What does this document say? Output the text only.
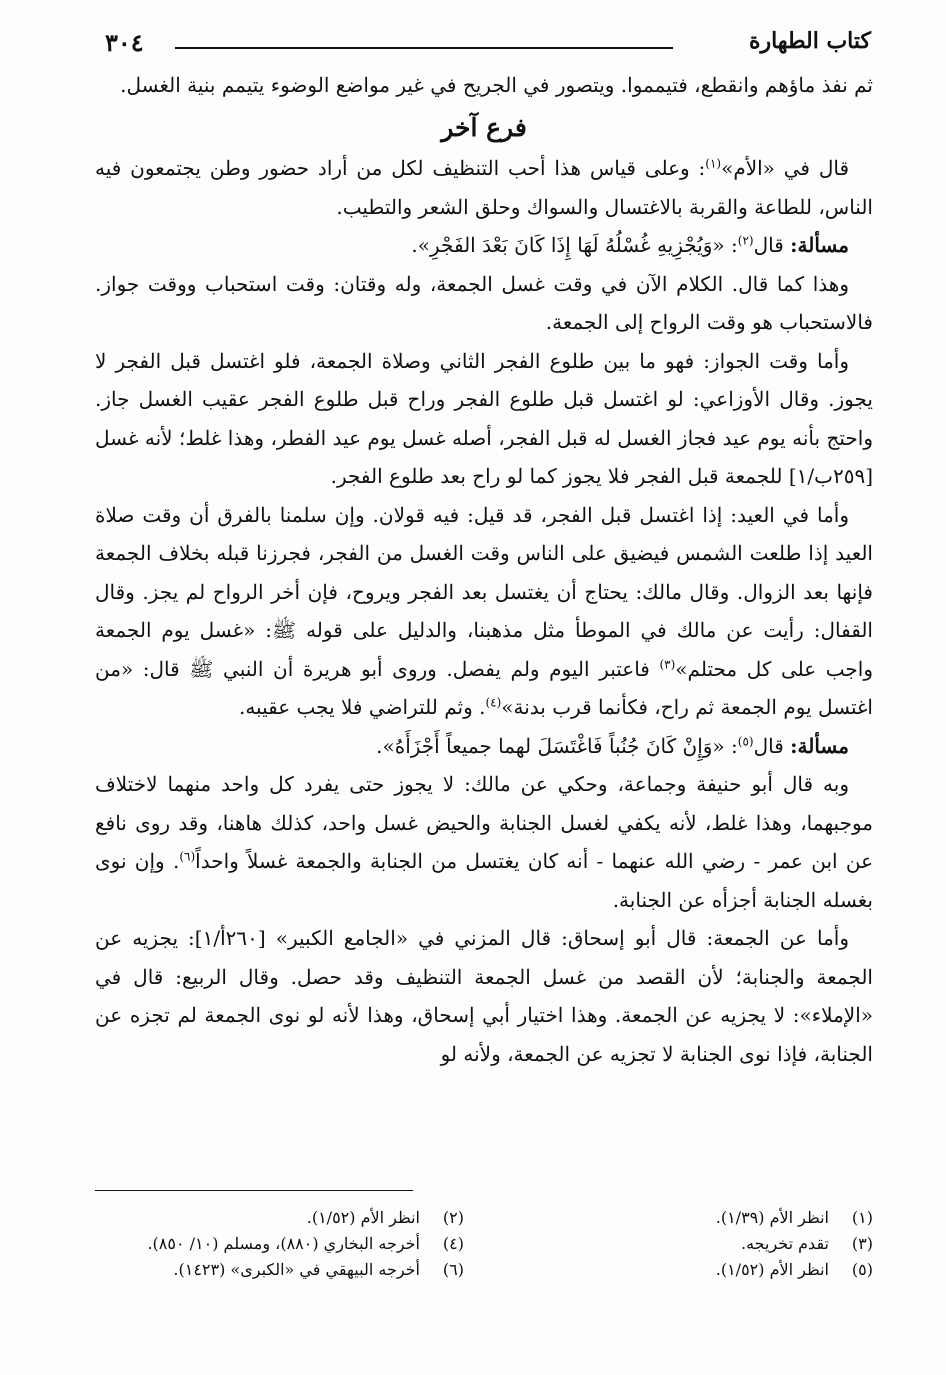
كتاب الطهارة
٣٠٤

ثم نفذ ماؤهم وانقطع، فتيمموا. ويتصور في الجريح في غير مواضع الوضوء يتيمم بنية الغسل.

فرع آخر

قال في «الأم»$^{(١)}$: وعلى قياس هذا أحب التنظيف لكل من أراد حضور وطن يجتمعون فيه الناس، للطاعة والقربة بالاغتسال والسواك وحلق الشعر والتطيب.

مسألة: قال$^{(٢)}$: «وَيُجْزِيهِ غُسْلُهُ لَهَا إِذَا كَانَ بَعْدَ الفَجْرِ».

وهذا كما قال. الكلام الآن في وقت غسل الجمعة، وله وقتان: وقت استحباب ووقت جواز. فالاستحباب هو وقت الرواح إلى الجمعة.

وأما وقت الجواز: فهو ما بين طلوع الفجر الثاني وصلاة الجمعة، فلو اغتسل قبل الفجر لا يجوز. وقال الأوزاعي: لو اغتسل قبل طلوع الفجر وراح قبل طلوع الفجر عقيب الغسل جاز. واحتج بأنه يوم عيد فجاز الغسل له قبل الفجر، أصله غسل يوم عيد الفطر، وهذا غلط؛ لأنه غسل [٢٥٩ب/١] للجمعة قبل الفجر فلا يجوز كما لو راح بعد طلوع الفجر.

وأما في العيد: إذا اغتسل قبل الفجر، قد قيل: فيه قولان. وإن سلمنا بالفرق أن وقت صلاة العيد إذا طلعت الشمس فيضيق على الناس وقت الغسل من الفجر، فجرزنا قبله بخلاف الجمعة فإنها بعد الزوال. وقال مالك: يحتاج أن يغتسل بعد الفجر ويروح، فإن أخر الرواح لم يجز. وقال القفال: رأيت عن مالك في الموطأ مثل مذهبنا، والدليل على قوله ﷺ: «غسل يوم الجمعة واجب على كل محتلم»$^{(٣)}$ فاعتبر اليوم ولم يفصل. وروى أبو هريرة أن النبي ﷺ قال: «من اغتسل يوم الجمعة ثم راح، فكأنما قرب بدنة»$^{(٤)}$. وثم للتراضي فلا يجب عقيبه.

مسألة: قال$^{(٥)}$: «وَإِنْ كَانَ جُنُباً فَاغْتَسَلَ لهما جميعاً أَجْزَأَهُ».

وبه قال أبو حنيفة وجماعة، وحكي عن مالك: لا يجوز حتى يفرد كل واحد منهما لاختلاف موجبهما، وهذا غلط، لأنه يكفي لغسل الجنابة والحيض غسل واحد، كذلك هاهنا، وقد روى نافع عن ابن عمر - رضي الله عنهما - أنه كان يغتسل من الجنابة والجمعة غسلاً واحداً$^{(٦)}$. وإن نوى بغسله الجنابة أجزأه عن الجنابة.

وأما عن الجمعة: قال أبو إسحاق: قال المزني في «الجامع الكبير» [٢٦٠أ/١]: يجزيه عن الجمعة والجنابة؛ لأن القصد من غسل الجمعة التنظيف وقد حصل. وقال الربيع: قال في «الإملاء»: لا يجزيه عن الجمعة. وهذا اختيار أبي إسحاق، وهذا لأنه لو نوى الجمعة لم تجزه عن الجنابة، فإذا نوى الجنابة لا تجزيه عن الجمعة، ولأنه لو

(١)انظر الأم (١/٣٩).
(٢)انظر الأم (١/٥٢).
(٣)تقدم تخريجه.
(٤)أخرجه البخاري (٨٨٠)، ومسلم (١٠/ ٨٥٠).
(٥)انظر الأم (١/٥٢).
(٦)أخرجه البيهقي في «الكبرى» (١٤٢٣).
